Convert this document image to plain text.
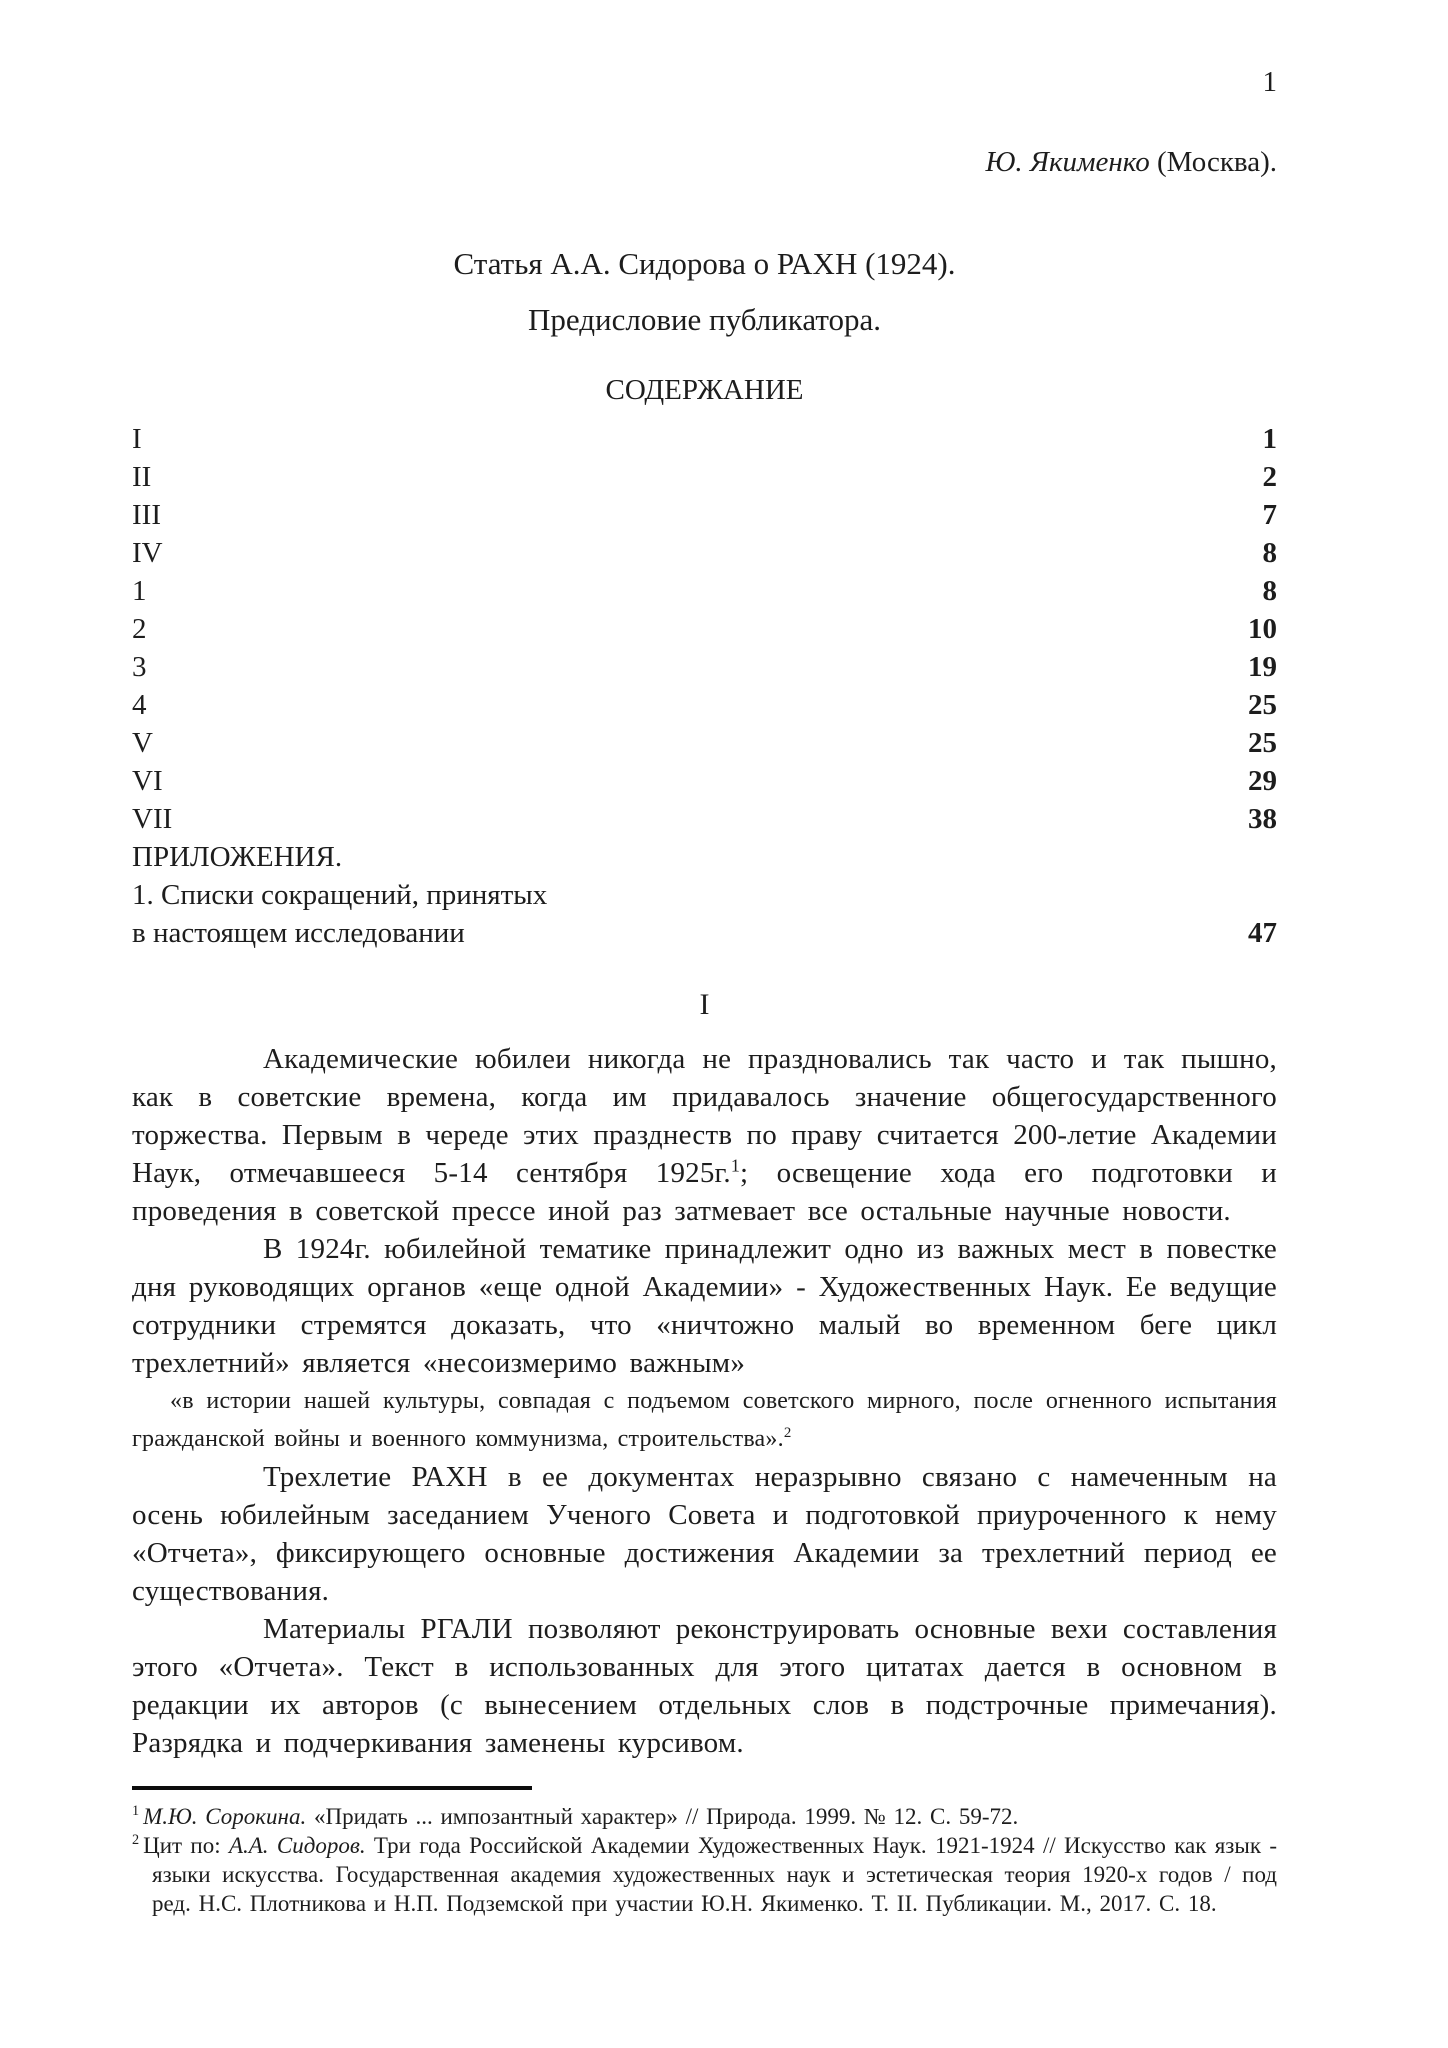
1
Ю. Якименко (Москва).
Статья А.А. Сидорова о РАХН (1924).
Предисловие публикатора.
СОДЕРЖАНИЕ
I	1
II	2
III	7
IV	8
1	8
2	10
3	19
4	25
V	25
VI	29
VII	38
ПРИЛОЖЕНИЯ.
1. Списки сокращений, принятых
в настоящем исследовании	47
I

Академические юбилеи никогда не праздновались так часто и так пышно, как в советские времена, когда им придавалось значение общегосударственного торжества. Первым в череде этих празднеств по праву считается 200-летие Академии Наук, отмечавшееся 5-14 сентября 1925г.$^1$; освещение хода его подготовки и проведения в советской прессе иной раз затмевает все остальные научные новости.

В 1924г. юбилейной тематике принадлежит одно из важных мест в повестке дня руководящих органов «еще одной Академии» - Художественных Наук. Ее ведущие сотрудники стремятся доказать, что «ничтожно малый во временном беге цикл трехлетний» является «несоизмеримо важным»

«в истории нашей культуры, совпадая с подъемом советского мирного, после огненного испытания гражданской войны и военного коммунизма, строительства».$^2$

Трехлетие РАХН в ее документах неразрывно связано с намеченным на осень юбилейным заседанием Ученого Совета и подготовкой приуроченного к нему «Отчета», фиксирующего основные достижения Академии за трехлетний период ее существования.

Материалы РГАЛИ позволяют реконструировать основные вехи составления этого «Отчета». Текст в использованных для этого цитатах дается в основном в редакции их авторов (с вынесением отдельных слов в подстрочные примечания). Разрядка и подчеркивания заменены курсивом.

$^1$ М.Ю. Сорокина. «Придать ... импозантный характер» // Природа. 1999. № 12. С. 59-72.

$^2$ Цит по: А.А. Сидоров. Три года Российской Академии Художественных Наук. 1921-1924 // Искусство как язык - языки искусства. Государственная академия художественных наук и эстетическая теория 1920-х годов / под ред. Н.С. Плотникова и Н.П. Подземской при участии Ю.Н. Якименко. Т. II. Публикации. М., 2017. С. 18.
